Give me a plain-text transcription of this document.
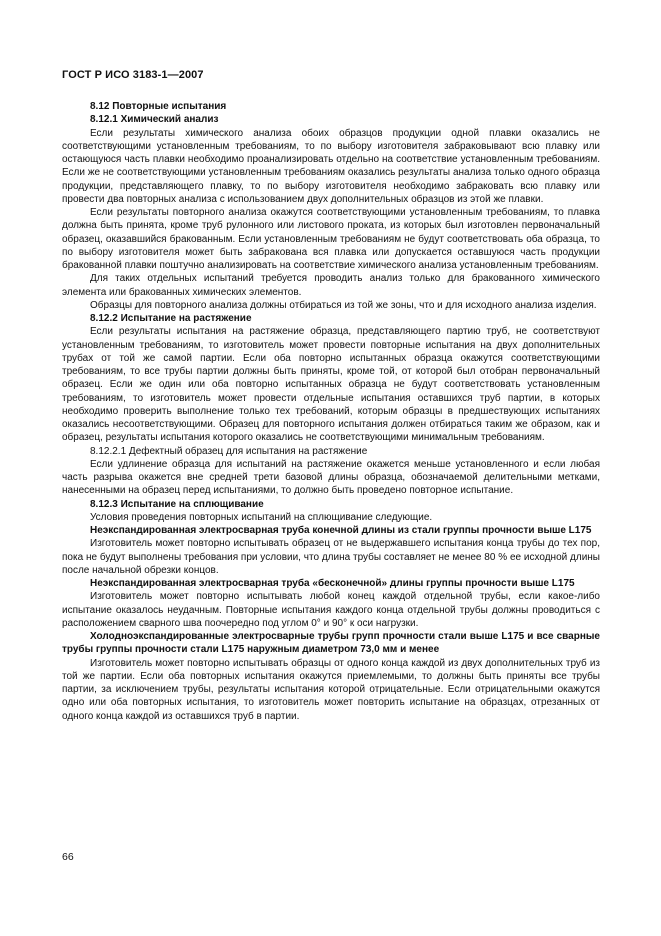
ГОСТ Р ИСО 3183-1—2007

8.12 Повторные испытания

8.12.1 Химический анализ

Если результаты химического анализа обоих образцов продукции одной плавки оказались не соответствующими установленным требованиям, то по выбору изготовителя забраковывают всю плавку или остающуюся часть плавки необходимо проанализировать отдельно на соответствие установленным требованиям. Если же не соответствующими установленным требованиям оказались результаты анализа только одного образца продукции, представляющего плавку, то по выбору изготовителя необходимо забраковать всю плавку или провести два повторных анализа с использованием двух дополнительных образцов из этой же плавки.

Если результаты повторного анализа окажутся соответствующими установленным требованиям, то плавка должна быть принята, кроме труб рулонного или листового проката, из которых был изготовлен первоначальный образец, оказавшийся бракованным. Если установленным требованиям не будут соответствовать оба образца, то по выбору изготовителя может быть забракована вся плавка или допускается оставшуюся часть продукции бракованной плавки поштучно анализировать на соответствие химического анализа установленным требованиям.

Для таких отдельных испытаний требуется проводить анализ только для бракованного химического элемента или бракованных химических элементов.

Образцы для повторного анализа должны отбираться из той же зоны, что и для исходного анализа изделия.

8.12.2 Испытание на растяжение

Если результаты испытания на растяжение образца, представляющего партию труб, не соответствуют установленным требованиям, то изготовитель может провести повторные испытания на двух дополнительных трубах от той же самой партии. Если оба повторно испытанных образца окажутся соответствующими требованиям, то все трубы партии должны быть приняты, кроме той, от которой был отобран первоначальный образец. Если же один или оба повторно испытанных образца не будут соответствовать установленным требованиям, то изготовитель может провести отдельные испытания оставшихся труб партии, в которых необходимо проверить выполнение только тех требований, которым образцы в предшествующих испытаниях оказались несоответствующими. Образец для повторного испытания должен отбираться таким же образом, как и образец, результаты испытания которого оказались не соответствующими минимальным требованиям.

8.12.2.1 Дефектный образец для испытания на растяжение

Если удлинение образца для испытаний на растяжение окажется меньше установленного и если любая часть разрыва окажется вне средней трети базовой длины образца, обозначаемой делительными метками, нанесенными на образец перед испытаниями, то должно быть проведено повторное испытание.

8.12.3 Испытание на сплющивание

Условия проведения повторных испытаний на сплющивание следующие.

Неэкспандированная электросварная труба конечной длины из стали группы прочности выше L175

Изготовитель может повторно испытывать образец от не выдержавшего испытания конца трубы до тех пор, пока не будут выполнены требования при условии, что длина трубы составляет не менее 80 % ее исходной длины после начальной обрезки концов.

Неэкспандированная электросварная труба «бесконечной» длины группы прочности выше L175

Изготовитель может повторно испытывать любой конец каждой отдельной трубы, если какое-либо испытание оказалось неудачным. Повторные испытания каждого конца отдельной трубы должны проводиться с расположением сварного шва поочередно под углом 0° и 90° к оси нагрузки.

Холодноэкспандированные электросварные трубы групп прочности стали выше L175 и все сварные трубы группы прочности стали L175 наружным диаметром 73,0 мм и менее

Изготовитель может повторно испытывать образцы от одного конца каждой из двух дополнительных труб из той же партии. Если оба повторных испытания окажутся приемлемыми, то должны быть приняты все трубы партии, за исключением трубы, результаты испытания которой отрицательные. Если отрицательными окажутся одно или оба повторных испытания, то изготовитель может повторить испытание на образцах, отрезанных от одного конца каждой из оставшихся труб в партии.

66
